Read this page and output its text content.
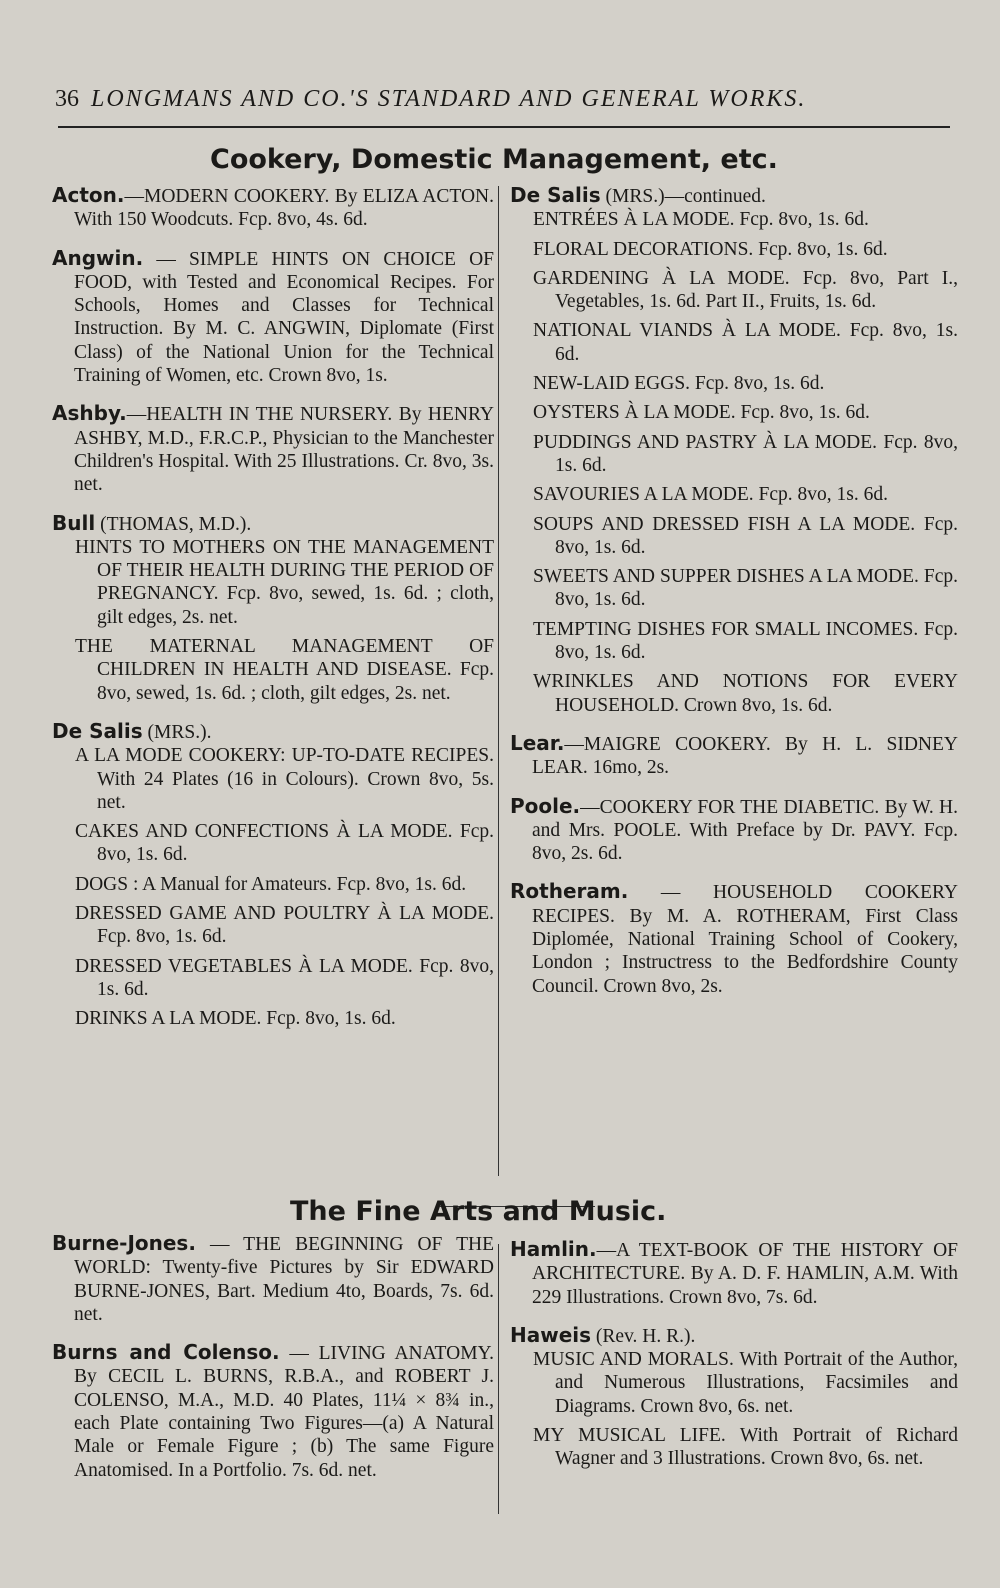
36 LONGMANS AND CO.'S STANDARD AND GENERAL WORKS.
Cookery, Domestic Management, etc.
Acton.—MODERN COOKERY. By ELIZA ACTON. With 150 Woodcuts. Fcp. 8vo, 4s. 6d.
Angwin. — SIMPLE HINTS ON CHOICE OF FOOD, with Tested and Economical Recipes. For Schools, Homes and Classes for Technical Instruction. By M. C. ANGWIN, Diplomate (First Class) of the National Union for the Technical Training of Women, etc. Crown 8vo, 1s.
Ashby.—HEALTH IN THE NURSERY. By HENRY ASHBY, M.D., F.R.C.P., Physician to the Manchester Children's Hospital. With 25 Illustrations. Cr. 8vo, 3s. net.
Bull (THOMAS, M.D.).
HINTS TO MOTHERS ON THE MANAGEMENT OF THEIR HEALTH DURING THE PERIOD OF PREGNANCY. Fcp. 8vo, sewed, 1s. 6d. ; cloth, gilt edges, 2s. net.
THE MATERNAL MANAGEMENT OF CHILDREN IN HEALTH AND DISEASE. Fcp. 8vo, sewed, 1s. 6d. ; cloth, gilt edges, 2s. net.
De Salis (MRS.).
A LA MODE COOKERY: UP-TO-DATE RECIPES. With 24 Plates (16 in Colours). Crown 8vo, 5s. net.
CAKES AND CONFECTIONS À LA MODE. Fcp. 8vo, 1s. 6d.
DOGS : A Manual for Amateurs. Fcp. 8vo, 1s. 6d.
DRESSED GAME AND POULTRY À LA MODE. Fcp. 8vo, 1s. 6d.
DRESSED VEGETABLES À LA MODE. Fcp. 8vo, 1s. 6d.
DRINKS A LA MODE. Fcp. 8vo, 1s. 6d.
De Salis (MRS.)—continued.
ENTRÉES À LA MODE. Fcp. 8vo, 1s. 6d.
FLORAL DECORATIONS. Fcp. 8vo, 1s. 6d.
GARDENING À LA MODE. Fcp. 8vo, Part I., Vegetables, 1s. 6d. Part II., Fruits, 1s. 6d.
NATIONAL VIANDS À LA MODE. Fcp. 8vo, 1s. 6d.
NEW-LAID EGGS. Fcp. 8vo, 1s. 6d.
OYSTERS À LA MODE. Fcp. 8vo, 1s. 6d.
PUDDINGS AND PASTRY À LA MODE. Fcp. 8vo, 1s. 6d.
SAVOURIES A LA MODE. Fcp. 8vo, 1s. 6d.
SOUPS AND DRESSED FISH A LA MODE. Fcp. 8vo, 1s. 6d.
SWEETS AND SUPPER DISHES A LA MODE. Fcp. 8vo, 1s. 6d.
TEMPTING DISHES FOR SMALL INCOMES. Fcp. 8vo, 1s. 6d.
WRINKLES AND NOTIONS FOR EVERY HOUSEHOLD. Crown 8vo, 1s. 6d.
Lear.—MAIGRE COOKERY. By H. L. SIDNEY LEAR. 16mo, 2s.
Poole.—COOKERY FOR THE DIABETIC. By W. H. and Mrs. POOLE. With Preface by Dr. PAVY. Fcp. 8vo, 2s. 6d.
Rotheram. — HOUSEHOLD COOKERY RECIPES. By M. A. ROTHERAM, First Class Diplomée, National Training School of Cookery, London ; Instructress to the Bedfordshire County Council. Crown 8vo, 2s.
The Fine Arts and Music.
Burne-Jones. — THE BEGINNING OF THE WORLD: Twenty-five Pictures by Sir EDWARD BURNE-JONES, Bart. Medium 4to, Boards, 7s. 6d. net.
Burns and Colenso. — LIVING ANATOMY. By CECIL L. BURNS, R.B.A., and ROBERT J. COLENSO, M.A., M.D. 40 Plates, 11¼ × 8¾ in., each Plate containing Two Figures—(a) A Natural Male or Female Figure ; (b) The same Figure Anatomised. In a Portfolio. 7s. 6d. net.
Hamlin.—A TEXT-BOOK OF THE HISTORY OF ARCHITECTURE. By A. D. F. HAMLIN, A.M. With 229 Illustrations. Crown 8vo, 7s. 6d.
Haweis (Rev. H. R.).
MUSIC AND MORALS. With Portrait of the Author, and Numerous Illustrations, Facsimiles and Diagrams. Crown 8vo, 6s. net.
MY MUSICAL LIFE. With Portrait of Richard Wagner and 3 Illustrations. Crown 8vo, 6s. net.
